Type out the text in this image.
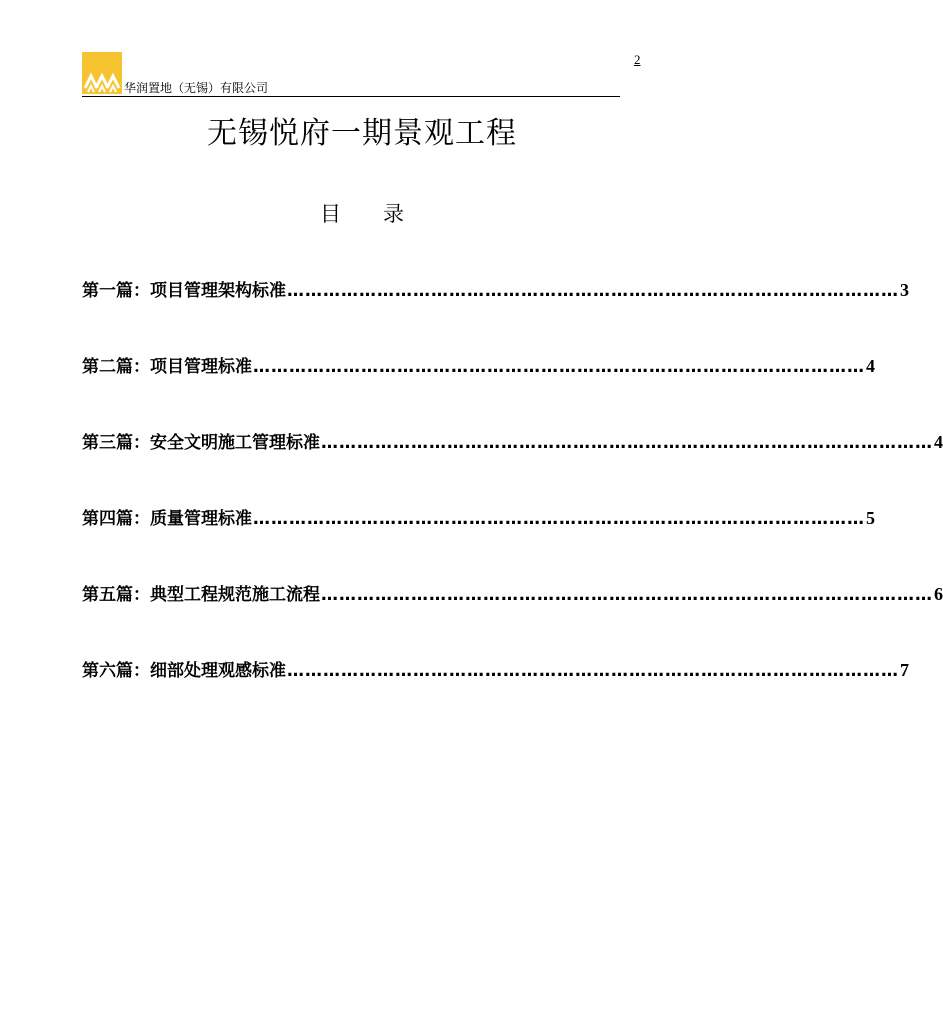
2
华润置地（无锡）有限公司
无锡悦府一期景观工程
目 录
第一篇：项目管理架构标准 ………………………………………………………………………………………… 3
第二篇：项目管理标准 ………………………………………………………………………………………… 4
第三篇：安全文明施工管理标准 ………………………………………………………………………………………… 4
第四篇：质量管理标准 ………………………………………………………………………………………… 5
第五篇：典型工程规范施工流程 ………………………………………………………………………………………… 6
第六篇：细部处理观感标准 ………………………………………………………………………………………… 7
